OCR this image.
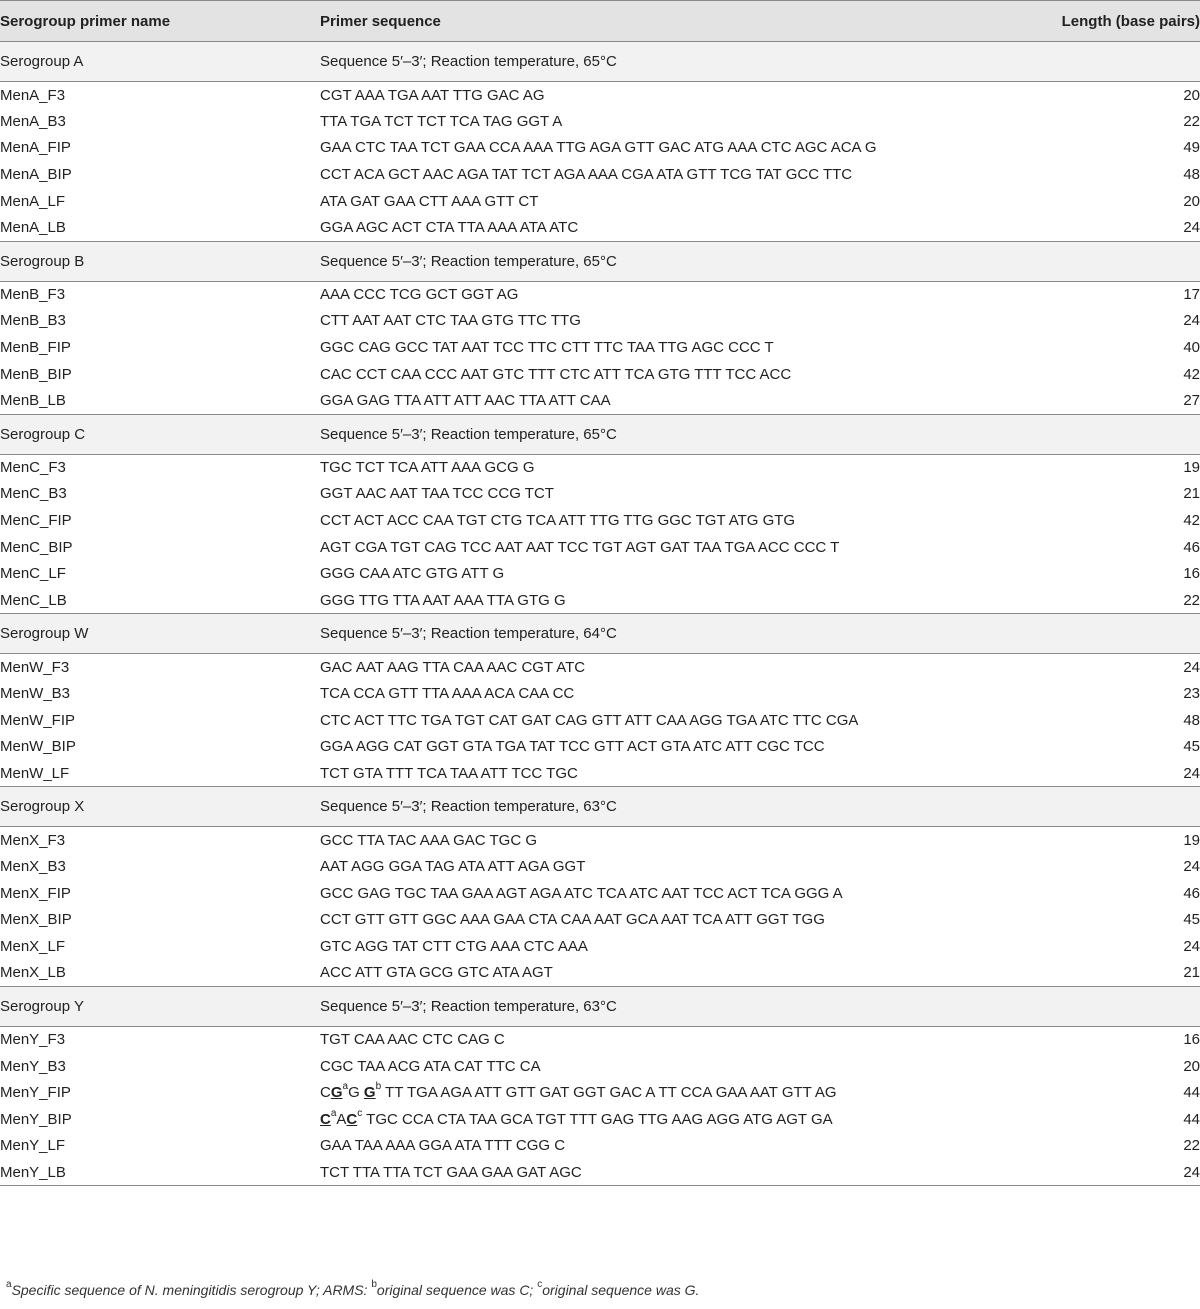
Serogroup primer name	Primer sequence	Length (base pairs)
Serogroup A	Sequence 5′–3′; Reaction temperature, 65°C	
MenA_F3	CGT AAA TGA AAT TTG GAC AG	20
MenA_B3	TTA TGA TCT TCT TCA TAG GGT A	22
MenA_FIP	GAA CTC TAA TCT GAA CCA AAA TTG AGA GTT GAC ATG AAA CTC AGC ACA G	49
MenA_BIP	CCT ACA GCT AAC AGA TAT TCT AGA AAA CGA ATA GTT TCG TAT GCC TTC	48
MenA_LF	ATA GAT GAA CTT AAA GTT CT	20
MenA_LB	GGA AGC ACT CTA TTA AAA ATA ATC	24
Serogroup B	Sequence 5′–3′; Reaction temperature, 65°C	
MenB_F3	AAA CCC TCG GCT GGT AG	17
MenB_B3	CTT AAT AAT CTC TAA GTG TTC TTG	24
MenB_FIP	GGC CAG GCC TAT AAT TCC TTC CTT TTC TAA TTG AGC CCC T	40
MenB_BIP	CAC CCT CAA CCC AAT GTC TTT CTC ATT TCA GTG TTT TCC ACC	42
MenB_LB	GGA GAG TTA ATT ATT AAC TTA ATT CAA	27
Serogroup C	Sequence 5′–3′; Reaction temperature, 65°C	
MenC_F3	TGC TCT TCA ATT AAA GCG G	19
MenC_B3	GGT AAC AAT TAA TCC CCG TCT	21
MenC_FIP	CCT ACT ACC CAA TGT CTG TCA ATT TTG TTG GGC TGT ATG GTG	42
MenC_BIP	AGT CGA TGT CAG TCC AAT AAT TCC TGT AGT GAT TAA TGA ACC CCC T	46
MenC_LF	GGG CAA ATC GTG ATT G	16
MenC_LB	GGG TTG TTA AAT AAA TTA GTG G	22
Serogroup W	Sequence 5′–3′; Reaction temperature, 64°C	
MenW_F3	GAC AAT AAG TTA CAA AAC CGT ATC	24
MenW_B3	TCA CCA GTT TTA AAA ACA CAA CC	23
MenW_FIP	CTC ACT TTC TGA TGT CAT GAT CAG GTT ATT CAA AGG TGA ATC TTC CGA	48
MenW_BIP	GGA AGG CAT GGT GTA TGA TAT TCC GTT ACT GTA ATC ATT CGC TCC	45
MenW_LF	TCT GTA TTT TCA TAA ATT TCC TGC	24
Serogroup X	Sequence 5′–3′; Reaction temperature, 63°C	
MenX_F3	GCC TTA TAC AAA GAC TGC G	19
MenX_B3	AAT AGG GGA TAG ATA ATT AGA GGT	24
MenX_FIP	GCC GAG TGC TAA GAA AGT AGA ATC TCA ATC AAT TCC ACT TCA GGG A	46
MenX_BIP	CCT GTT GTT GGC AAA GAA CTA CAA AAT GCA AAT TCA ATT GGT TGG	45
MenX_LF	GTC AGG TAT CTT CTG AAA CTC AAA	24
MenX_LB	ACC ATT GTA GCG GTC ATA AGT	21
Serogroup Y	Sequence 5′–3′; Reaction temperature, 63°C	
MenY_F3	TGT CAA AAC CTC CAG C	16
MenY_B3	CGC TAA ACG ATA CAT TTC CA	20
MenY_FIP	$CG^aG$ $G^b$ TT TGA AGA ATT GTT GAT GGT GAC A TT CCA GAA AAT GTT AG	44
MenY_BIP	$C^aAC^c$ TGC CCA CTA TAA GCA TGT TTT GAG TTG AAG AGG ATG AGT GA	44
MenY_LF	GAA TAA AAA GGA ATA TTT CGG C	22
MenY_LB	TCT TTA TTA TCT GAA GAA GAT AGC	24
$^a$Specific sequence of N. meningitidis serogroup Y; ARMS: $^b$original sequence was C; $^c$original sequence was G.
